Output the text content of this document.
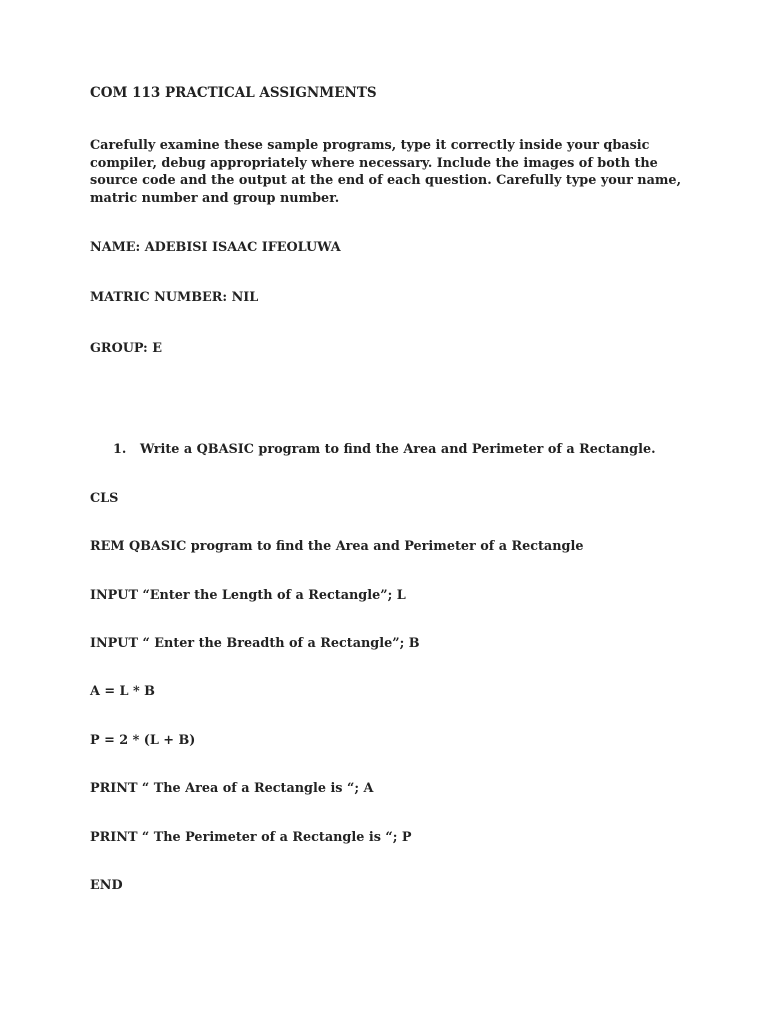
COM 113 PRACTICAL ASSIGNMENTS

Carefully examine these sample programs, type it correctly inside your qbasic compiler, debug appropriately where necessary. Include the images of both the source code and the output at the end of each question. Carefully type your name, matric number and group number.

NAME: ADEBISI ISAAC IFEOLUWA

MATRIC NUMBER: NIL

GROUP: E

1. Write a QBASIC program to find the Area and Perimeter of a Rectangle.

CLS

REM QBASIC program to find the Area and Perimeter of a Rectangle

INPUT “Enter the Length of a Rectangle”; L

INPUT “ Enter the Breadth of a Rectangle”; B

A = L * B

P = 2 * (L + B)

PRINT “ The Area of a Rectangle is “; A

PRINT “ The Perimeter of a Rectangle is “; P

END
